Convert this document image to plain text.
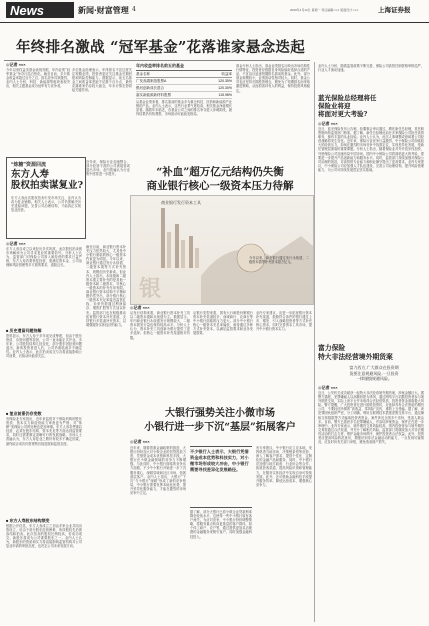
News	新闻·财富管理 4	2020年1月13日 星期一 责任编辑:××× 版面设计:×××	上海证券报
年终排名激战 “冠军基金”花落谁家悬念迭起
◎记者 ×××
今年以来权益类基金表现亮眼，年内业绩“冠军基金”争夺日趋白热化。截至目前，多只基金收益率超过百分之百，排名竞争异常激烈。业内人士分析，科技、新能源等板块表现突出，相关主题基金成为冠军有力竞争者。
多位基金经理表示，年终排名不宜过度关注短期业绩，投资者更应关注基金长期回报和风险控制能力。数据显示，前五名基金之间收益率差距不足数个百分点，最终花落谁家仍存较大悬念，年末行情走势将起关键作用。
年内收益率排名前五的基金
基金名称	收益率
广发高端制造股票A	120.35%
银河创新成长混合	120.30%
嘉实新能源新材料股票	115.98%
从基金业绩来看，排名靠前的基金多为重仓科技、医药和新能源产业链的产品。业内人士表示，这些行业景气度较高，相关基金净值增长显著。随着年末临近，各基金公司之间的排名争夺进入冲刺阶段，最终结果仍有待观察，市场波动可能改变格局。
基金分析人士指出，基金业绩排名反映出市场结构性行情特征，投资者应根据自身风险偏好选择合适的产品，不宜盲目追逐短期排名靠前的基金。此外，部分基金规模较小，业绩波动性相对较大。同时，基金公司也应坚持长期投资理念，避免为了短期排名而采取激进策略，从而损害持有人的利益，保持投资风格稳定。
“炼糖”资源回流
东方人寿
股权拍卖谋复业?
东方人寿此次股权拍卖引发市场关注，业内认为或为复业铺路。相关人士表示，公司仍需解决历史遗留问题，完善公司治理结构，才能真正实现复业经营。
◎记者 ×××
东方人寿自成立以来经历多次风波，此次股权拍卖被市场解读为公司寻求复业的重要信号。分析人士认为，监管部门对保险公司准入和经营的要求日益严格，东方人寿若要恢复经营，需满足资本金、公司治理和风险管理等多方面的要求，道阻且长。
■ 历史遗留问题待解
资料显示，东方人寿于多年前完成筹建，但由于股东资质、出资问题等原因，公司一直未能正式开业。多年来，公司股权结构几经变化，部分股东因经营问题退出，新的投资者进入后，公司仍面临诸多不确定性。业内人士表示，此次拍卖成交与否将直接影响公司前景，后续动向值得关注。
■ 复业前景仍存变数
有保险业专家指出，近年来监管对于保险机构的股东资质、资本实力和经营能力审查更为严格，对“休眠”类保险公司的处理也更加审慎。东方人寿若想重启经营，必须在股东结构、资本充足等方面达到监管要求，同时还需要制定清晰可行的发展战略。市场人士普遍认为，东方人寿复业之路仍有较多不确定因素，最终能否成功仍需观察后续进展和监管态度。
■ 东方人寿股东结构频变
根据公开信息，东方人寿成立之初由多家企业共同出资设立，后由于部分股东经营困难，所持股权先后被冻结和拍卖。此次拍卖的股权比例较高，若成功成交，新股东将成为公司重要股东之一。业内人士认为，新股东的资质和实力将直接影响监管机构对公司复业申请的审批态度，也决定公司未来发展方向。
近年来，保险行业加速整合，部分经营不善的公司被接管或退出市场，业内普遍认为行业集中度将进一步提升。
截至目前，商业银行资本补充压力依然较大，尤其是中小银行面临的核心一级资本约束更为明显。今年以来，商业银行通过发行永续债、二级资本债等方式补充资本，规模创历史新高。但业内人士指出，永续债和二级资本债主要补充的是其他一级资本和二级资本，对核心一级资本的补充作用有限。商业银行资本结构不平衡问题仍然突出，部分银行核心一级资本充足率接近监管红线，未来仍需通过利润留存、增资扩股等方式加以补充。监管部门也在积极推动拓宽银行资本补充渠道，支持银行多渠道补充资本，以增强服务实体经济的能力。
“补血”超万亿元结构仍失衡
商业银行核心一级资本压力待解
商业银行发行资本工具
银
今年以来，商业银行通过发行永续债、二级资本债等补充资本超万亿元。
◎记者 ×××
从发行结构来看，商业银行资本补充工具以二级资本债和永续债为主。数据显示，年内商业银行永续债发行规模较大，二级资本债发行量也保持较高水平。分析人士认为，资本补充工具创新为银行提供了更多选择，但核心一级资本补充渠道相对有限。
从银行类型来看，国有大行和股份制银行资本补充渠道较多，而城商行、农商行等中小银行面临的压力更大。部分中小银行核心一级资本充足率偏低，亟待通过多种方式补充资本，以满足监管要求和业务发展需要。
业内专家建议，应进一步拓宽银行资本补充渠道，鼓励符合条件的银行通过上市、增发、引入战略投资者等方式补充核心资本，同时完善资本工具市场，提升中小银行资本实力。
大银行强势关注小微市场
小银行进一步下沉“基层”拓展客户
◎记者 ×××
近年来，随着普惠金融政策的推进，大银行纷纷加大对小微企业的信贷投放力度，凭借资金成本优势和科技手段，大银行在小微金融领域的竞争力不断增强。与此同时，中小银行面临的竞争压力加剧，不少中小银行开始进一步下沉服务重心，深耕县域和社区市场，拓展基层客户。业内人士指出，大银行“下沉”与小银行“深耕”形成了新的竞争格局，中小银行需要发挥本地化优势，提升差异化服务能力，才能在激烈的市场竞争中立足。
不少银行人士表示，大银行凭借资金成本优势和科技实力，对小微市场形成较大冲击，中小银行需要寻找差异化发展路径。
据了解，部分大银行已将小微企业贷款利率降至较低水平，这使得一些中小银行原有客户流失。为应对竞争，中小银行纷纷调整策略，将服务重点转向更基层的客户群体，如个体工商户、农户等，通过提供更加灵活便捷的金融服务来吸引客户，同时加强金融科技投入。
有专家建议，中小银行应立足本地，发挥熟悉当地市场、决策链条短等优势，深入了解客户需求，提供个性化、定制化的金融产品和服务。同时，中小银行应加强与地方政府、行业协会等合作，拓展获客渠道，提高风险识别和管理能力，在服务实体经济中实现自身可持续发展。此外，还可借助金融科技手段提升服务效率，降低运营成本，增强核心竞争力。
业内人士分析，随着监管政策不断完善，保险公司高管任职资格审核趋严，行业人才流动加速。
蓝光保险总经理将任
保险业将迎
将面对更大考验?
◎记者 ×××
近日，蓝光保险发布公告称，经董事会审议通过，聘任新任总经理，其任职资格尚待监管部门核准。据了解，新任总经理此前在多家保险公司担任高管职务，拥有丰富的从业经验。业内人士认为，此次人事调整或意味着公司经营战略将发生变化。近年来，保险行业竞争日益激烈，中小保险公司面临较大的经营压力，如何在激烈的市场竞争中找准定位、实现差异化发展，是新任管理层面临的重要课题。分析人士指出，随着保险业对外开放步伐加快，外资保险公司加速布局中国市场，国内中小保险公司将面临更大的考验，需要进一步提升产品创新能力和服务水平。同时，监管部门持续加强对保险公司治理的规范，对高管的专业能力和职业操守提出了更高要求。业内专家建议，中小保险公司应加强人才队伍建设，完善公司治理结构，提升风险管理能力，为公司可持续发展奠定坚实基础。
富力保险
特大非法经营境外期货案
富力西方,广大群众在投资期
货要注意规避风险,一旦投资
一律谨慎规避风险。
◎记者 ×××
近日，公安机关成功破获一起特大非法经营境外期货案，涉案金额巨大。据警方通报，犯罪嫌疑人以高额回报为诱饵，通过网络平台招揽投资者参与境外期货交易，实际上该平台并未取得合法经营资质，投资者资金面临极大风险。警方提醒，广大投资者在进行期货投资时，应选择具有合法资质的期货公司，不要轻信所谓的“高收益、零风险”宣传，谨防上当受骗。据了解，该犯罪团伙组织严密，分工明确，利用互联网技术搭建虚假交易平台，通过操纵交易数据等方式骗取投资者资金。案件涉及全国多个省份，受害人数众多。目前，警方已抓获多名犯罪嫌疑人，并冻结涉案资金，案件正在进一步审理中。业内专家表示，境外期货交易风险较高，国内投资者参与境外期货交易需通过合法渠道，并充分了解相关风险。监管部门将继续加大对非法期货活动的打击力度，维护金融市场秩序，保护投资者合法权益。此外，投资者应提高风险防范意识，增强识别非法金融活动的能力，一旦发现可疑情况，应及时向有关部门举报，避免造成财产损失。
